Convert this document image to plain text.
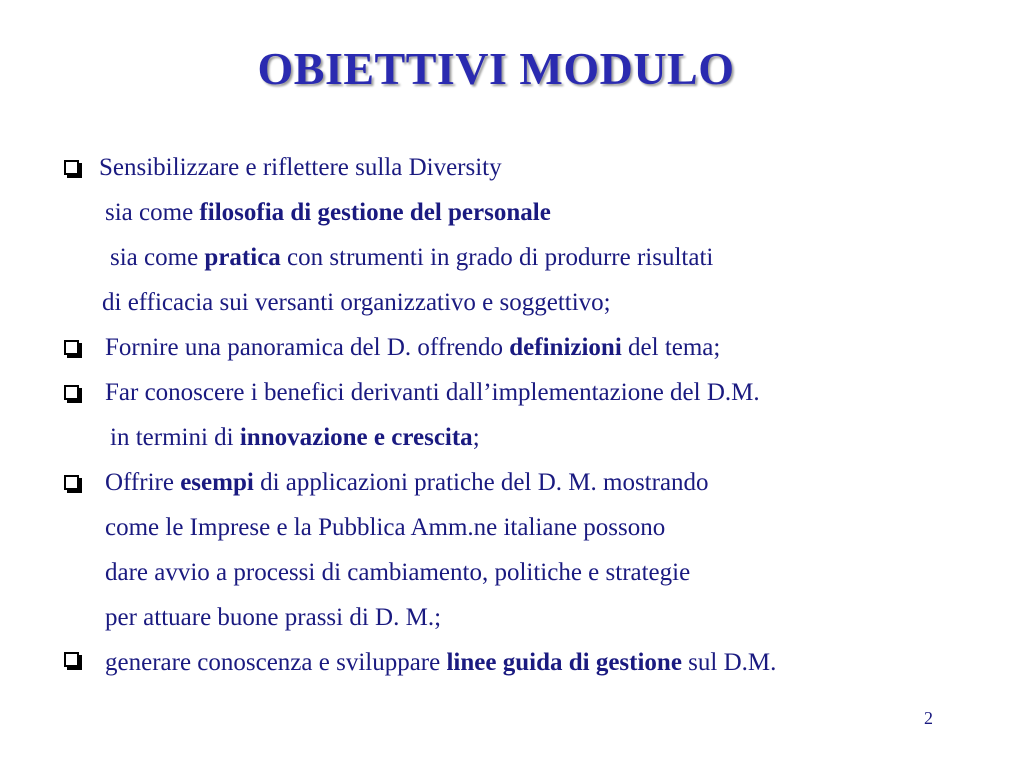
OBIETTIVI MODULO
Sensibilizzare e riflettere sulla Diversity
sia come filosofia di gestione del personale
sia come pratica con strumenti in grado di produrre risultati
di efficacia sui versanti organizzativo e soggettivo;
Fornire una panoramica del D. offrendo definizioni del tema;
Far conoscere i benefici derivanti dall’implementazione del D.M.
in termini di innovazione e crescita;
Offrire esempi di applicazioni pratiche del D. M. mostrando
come le Imprese e la Pubblica Amm.ne italiane possono
dare avvio a processi di cambiamento, politiche e strategie
per attuare buone prassi di D. M.;
generare conoscenza e sviluppare linee guida di gestione sul D.M.
2
